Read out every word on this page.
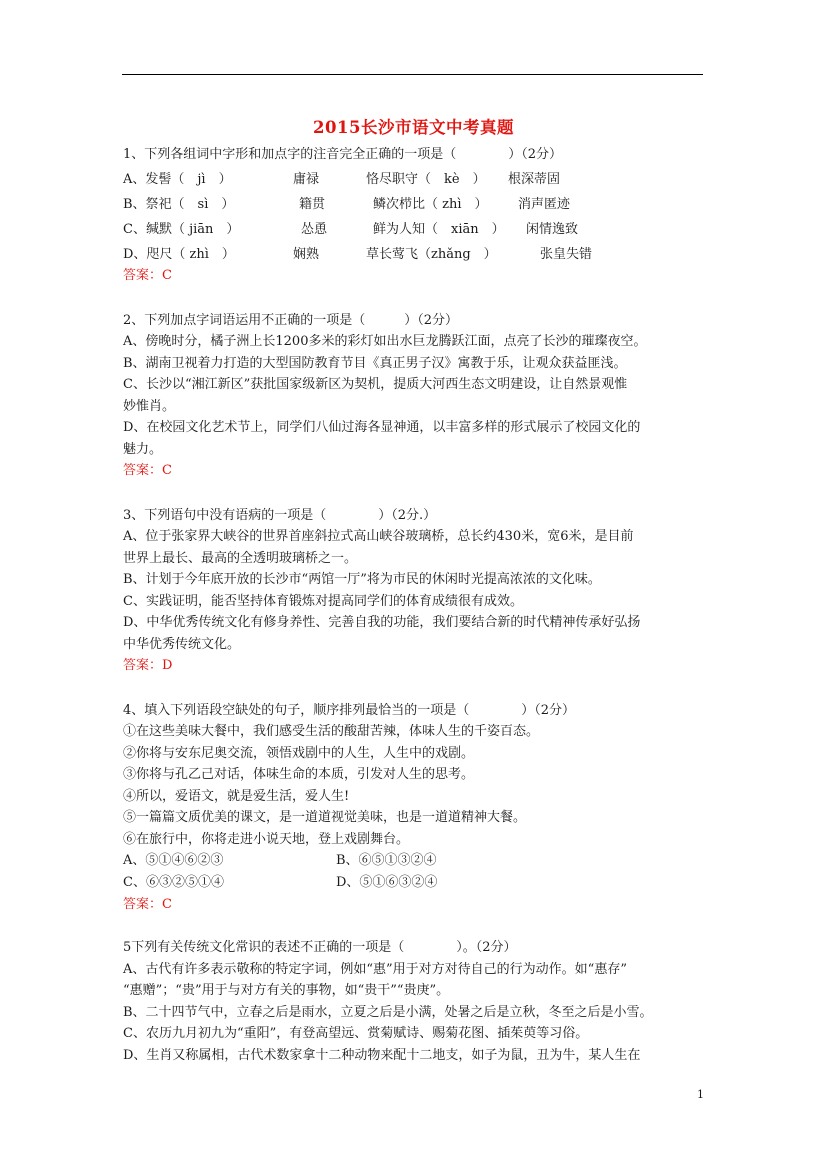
2015长沙市语文中考真题
1、下列各组词中字形和加点字的注音完全正确的一项是（　　　　）（2分）
A、发髻（　jì　）	庸禄	恪尽职守（　kè　） 根深蒂固
B、祭祀（　sì　）	籍贯	鳞次栉比（ zhì　） 消声匿迹
C、缄默（ jiān　）	怂恿	鲜为人知（　xiān　） 闲情逸致
D、咫尺（ zhì　）	娴熟	草长莺飞（zhǎng　）	张皇失错
答案：C
2、下列加点字词语运用不正确的一项是（　　　）（2分）
A、傍晚时分，橘子洲上长1200多米的彩灯如出水巨龙腾跃江面，点亮了长沙的璀璨夜空。
B、湖南卫视着力打造的大型国防教育节目《真正男子汉》寓教于乐，让观众获益匪浅。
C、长沙以“湘江新区”获批国家级新区为契机，提质大河西生态文明建设，让自然景观惟
妙惟肖。
D、在校园文化艺术节上，同学们八仙过海各显神通，以丰富多样的形式展示了校园文化的
魅力。
答案：C
3、下列语句中没有语病的一项是（　　　　）（2分.）
A、位于张家界大峡谷的世界首座斜拉式高山峡谷玻璃桥，总长约430米，宽6米，是目前
世界上最长、最高的全透明玻璃桥之一。
B、计划于今年底开放的长沙市“两馆一厅”将为市民的休闲时光提高浓浓的文化味。
C、实践证明，能否坚持体育锻炼对提高同学们的体育成绩很有成效。
D、中华优秀传统文化有修身养性、完善自我的功能，我们要结合新的时代精神传承好弘扬
中华优秀传统文化。
答案：D
4、填入下列语段空缺处的句子，顺序排列最恰当的一项是（　　　　）（2分）
①在这些美味大餐中，我们感受生活的酸甜苦辣，体味人生的千姿百态。
②你将与安东尼奥交流，领悟戏剧中的人生，人生中的戏剧。
③你将与孔乙己对话，体味生命的本质，引发对人生的思考。
④所以，爱语文，就是爱生活，爱人生!
⑤一篇篇文质优美的课文，是一道道视觉美味，也是一道道精神大餐。
⑥在旅行中，你将走进小说天地，登上戏剧舞台。
A、⑤①④⑥②③	B、⑥⑤①③②④
C、⑥③②⑤①④	D、⑤①⑥③②④
答案：C
5下列有关传统文化常识的表述不正确的一项是（　　　　）。（2分）
A、古代有许多表示敬称的特定字词，例如“惠”用于对方对待自己的行为动作。如“惠存”
“惠赠”；“贵”用于与对方有关的事物，如“贵干”“贵庚”。
B、二十四节气中，立春之后是雨水，立夏之后是小满，处暑之后是立秋，冬至之后是小雪。
C、农历九月初九为“重阳”，有登高望远、赏菊赋诗、赐菊花图、插茱萸等习俗。
D、生肖又称属相，古代术数家拿十二种动物来配十二地支，如子为鼠，丑为牛，某人生在
1
